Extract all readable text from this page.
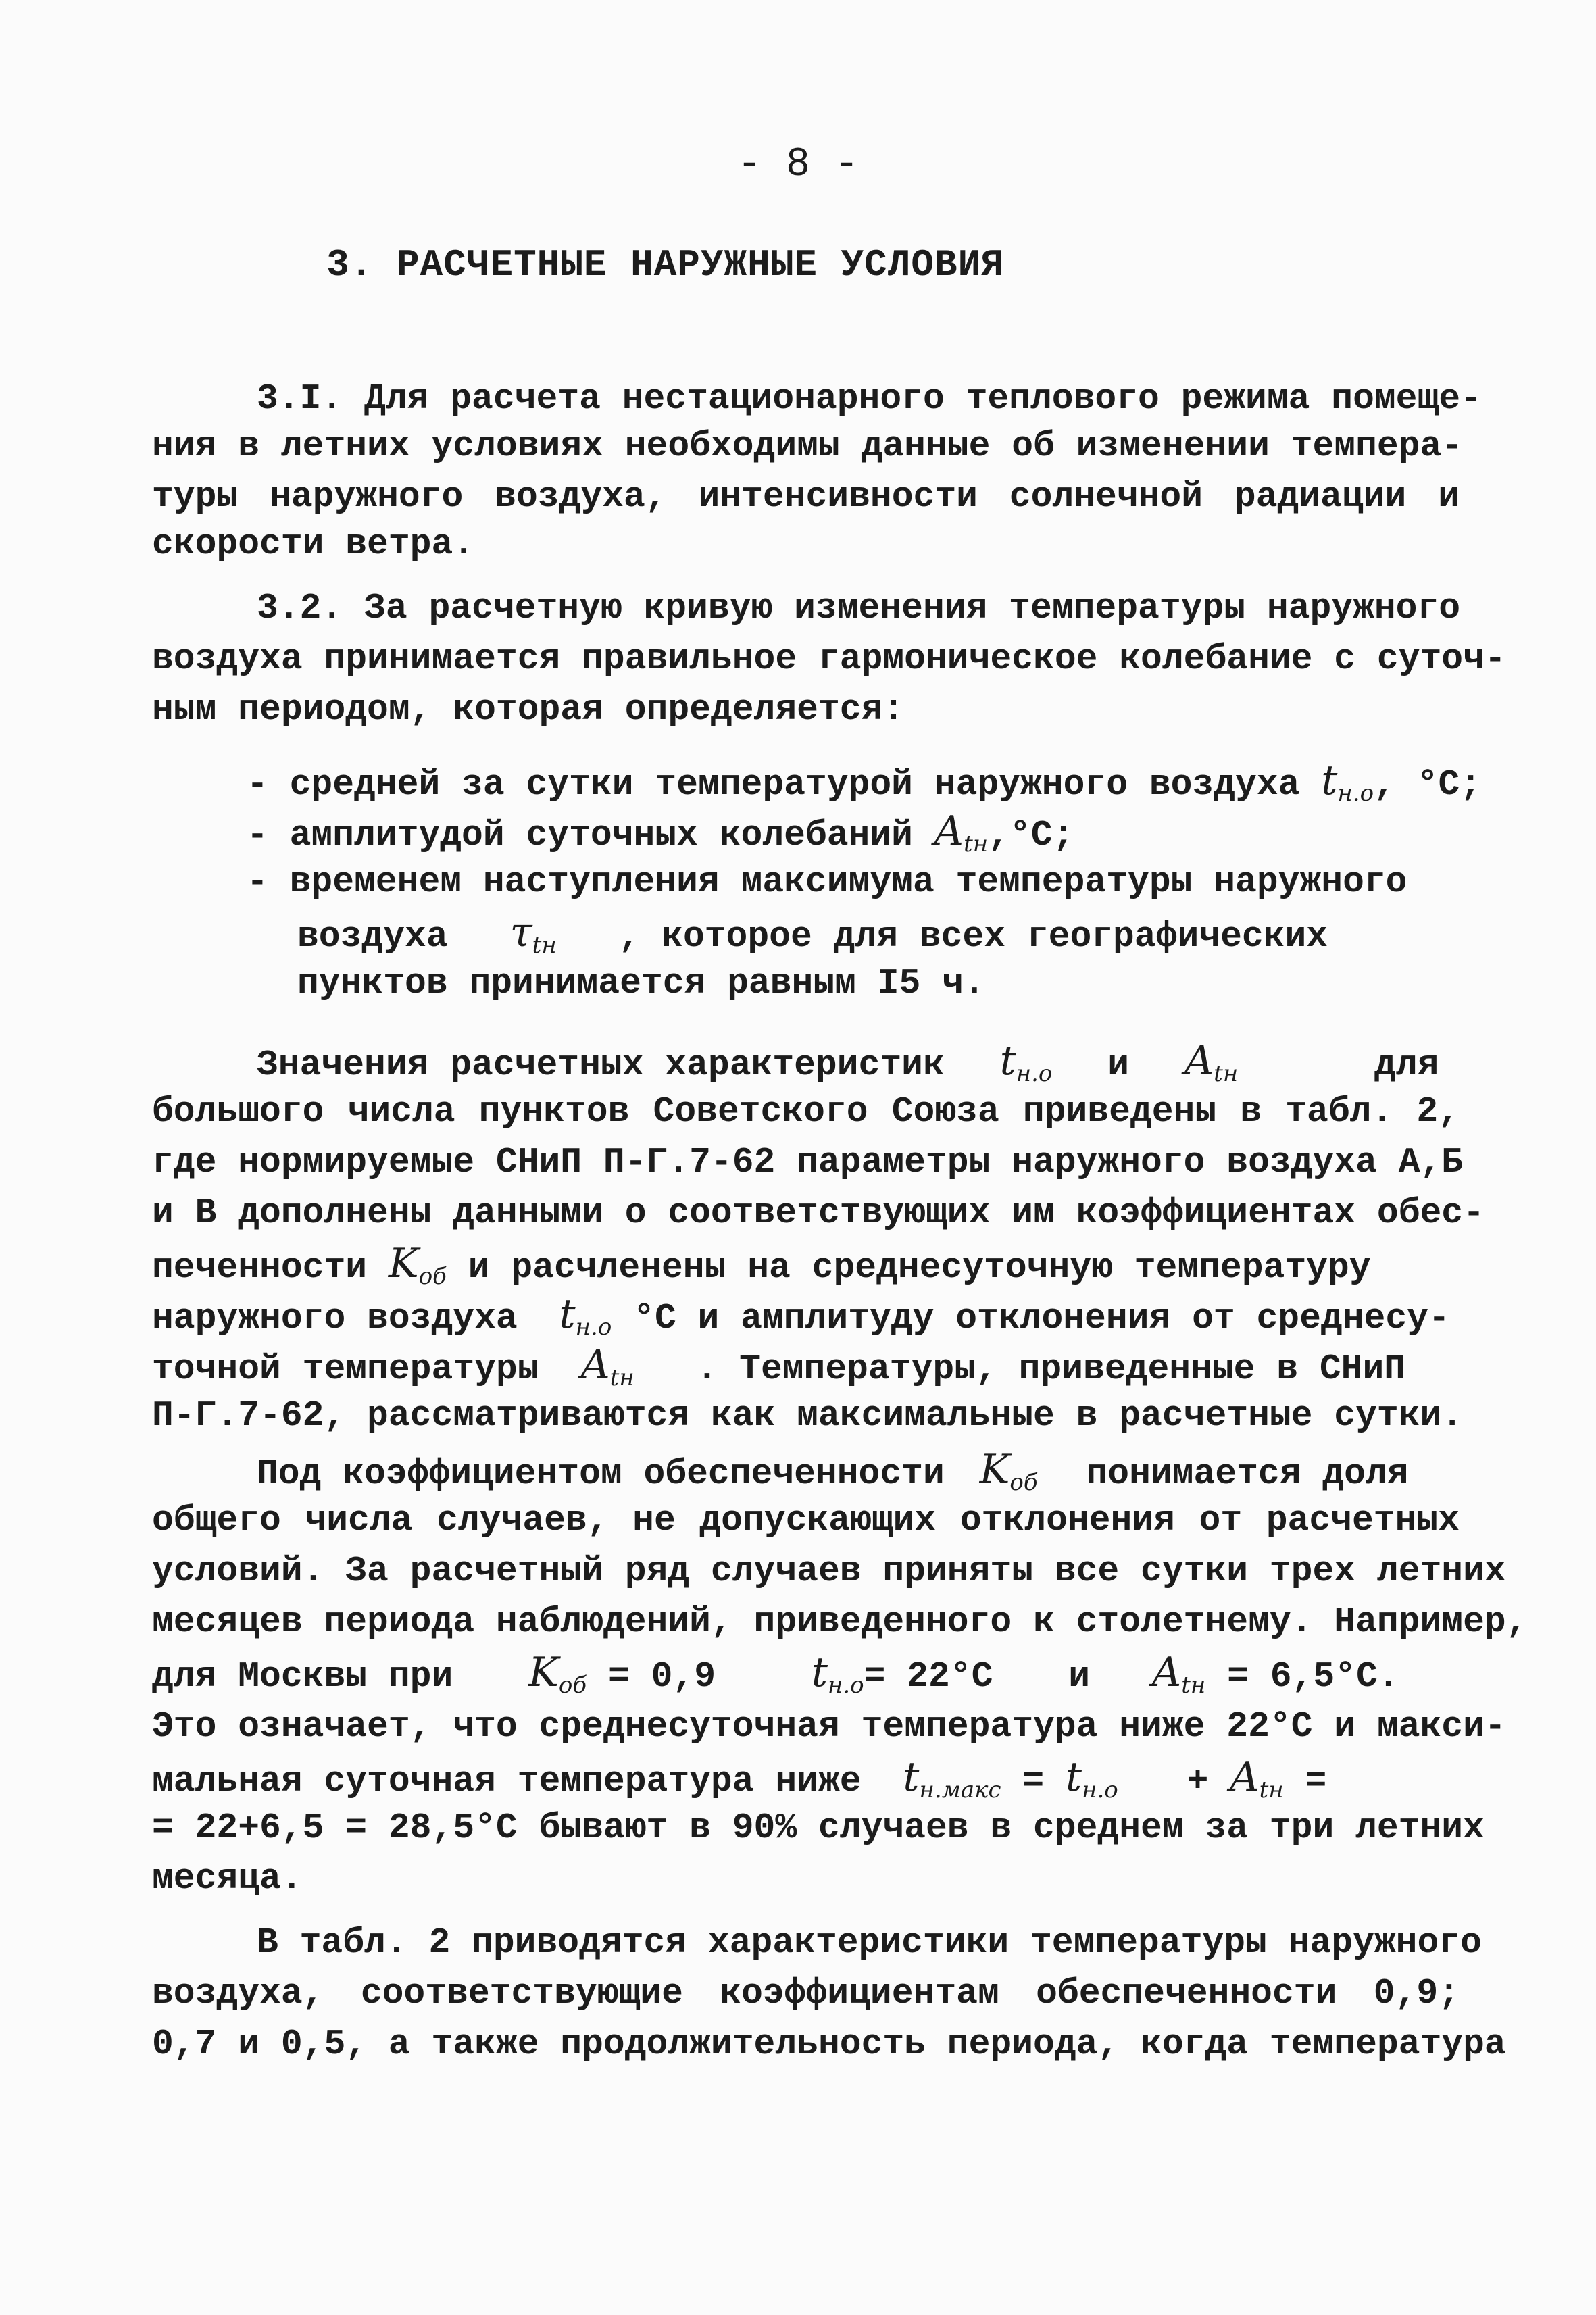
- 8 -
3. РАСЧЕТНЫЕ НАРУЖНЫЕ УСЛОВИЯ
3.I. Для расчета нестационарного теплового режима помеще-
ния в летних условиях необходимы данные об изменении темпера-
туры наружного воздуха, интенсивности солнечной радиации и
скорости ветра.
3.2. За расчетную кривую изменения температуры наружного
воздуха принимается правильное гармоническое колебание с суточ-
ным периодом, которая определяется:
- средней за сутки температурой наружного воздуха $t_{н.о}$, °С;
- амплитудой суточных колебаний $A_{tн},^\circ С$;
- временем наступления максимума температуры наружного
воздуха $\tau_{tн}$ , которое для всех географических
пунктов принимается равным I5 ч.
Значения расчетных характеристик $t_{н.о}$ и $A_{tн}$	для
большого числа пунктов Советского Союза приведены в табл. 2,
где нормируемые СНиП П-Г.7-62 параметры наружного воздуха А,Б
и В дополнены данными о соответствующих им коэффициентах обес-
печенности $K_{об}$ и расчленены на среднесуточную температуру
наружного воздуха $t_{н.о}$ °С и амплитуду отклонения от среднесу-
точной температуры $A_{tн}$ . Температуры, приведенные в СНиП
П-Г.7-62, рассматриваются как максимальные в расчетные сутки.
Под коэффициентом обеспеченности $K_{об}$ понимается доля
общего числа случаев, не допускающих отклонения от расчетных
условий. За расчетный ряд случаев приняты все сутки трех летних
месяцев периода наблюдений, приведенного к столетнему. Например,
для Москвы при $K_{об} = 0,9$ $t_{н.о}= 22^\circ С$ и $A_{tн} = 6,5^\circ С$.
Это означает, что среднесуточная температура ниже 22°С и макси-
мальная суточная температура ниже $t_{н.макс} = t_{н.о} + A_{tн}$ =
= 22+6,5 = 28,5°С бывают в 90% случаев в среднем за три летних
месяца.
В табл. 2 приводятся характеристики температуры наружного
воздуха, соответствующие коэффициентам обеспеченности 0,9;
0,7 и 0,5, а также продолжительность периода, когда температура
